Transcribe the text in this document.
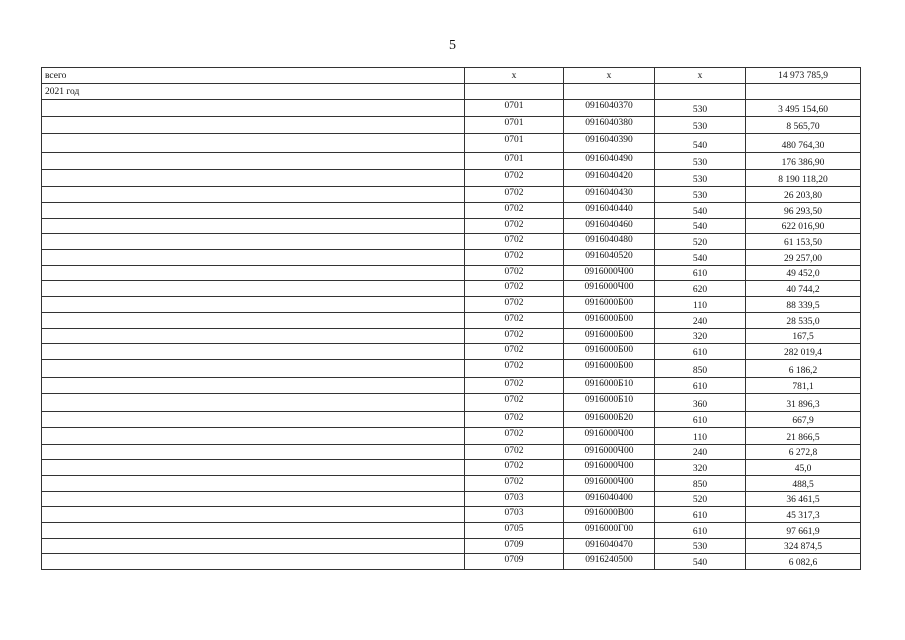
5
всего	x	x	x	14 973 785,9
2021 год				
	0701	0916040370	530	3 495 154,60
	0701	0916040380	530	8 565,70
	0701	0916040390	540	480 764,30
	0701	0916040490	530	176 386,90
	0702	0916040420	530	8 190 118,20
	0702	0916040430	530	26 203,80
	0702	0916040440	540	96 293,50
	0702	0916040460	540	622 016,90
	0702	0916040480	520	61 153,50
	0702	0916040520	540	29 257,00
	0702	0916000Ч00	610	49 452,0
	0702	0916000Ч00	620	40 744,2
	0702	0916000Б00	110	88 339,5
	0702	0916000Б00	240	28 535,0
	0702	0916000Б00	320	167,5
	0702	0916000Б00	610	282 019,4
	0702	0916000Б00	850	6 186,2
	0702	0916000Б10	610	781,1
	0702	0916000Б10	360	31 896,3
	0702	0916000Б20	610	667,9
	0702	0916000Ч00	110	21 866,5
	0702	0916000Ч00	240	6 272,8
	0702	0916000Ч00	320	45,0
	0702	0916000Ч00	850	488,5
	0703	0916040400	520	36 461,5
	0703	0916000В00	610	45 317,3
	0705	0916000Г00	610	97 661,9
	0709	0916040470	530	324 874,5
	0709	0916240500	540	6 082,6
